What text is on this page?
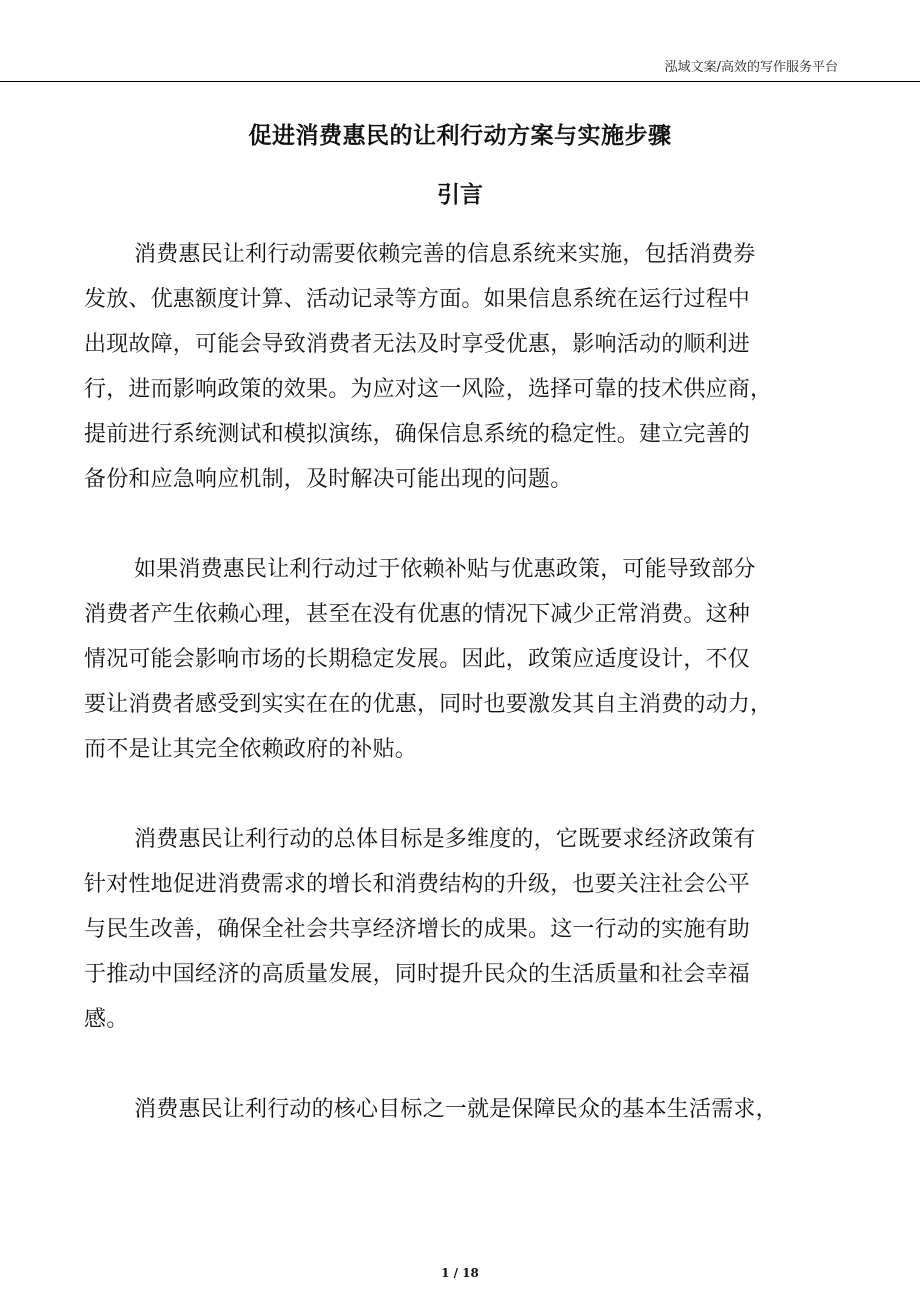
泓域文案/高效的写作服务平台
促进消费惠民的让利行动方案与实施步骤
引言
消费惠民让利行动需要依赖完善的信息系统来实施，包括消费券
发放、优惠额度计算、活动记录等方面。如果信息系统在运行过程中
出现故障，可能会导致消费者无法及时享受优惠，影响活动的顺利进
行，进而影响政策的效果。为应对这一风险，选择可靠的技术供应商，
提前进行系统测试和模拟演练，确保信息系统的稳定性。建立完善的
备份和应急响应机制，及时解决可能出现的问题。
如果消费惠民让利行动过于依赖补贴与优惠政策，可能导致部分
消费者产生依赖心理，甚至在没有优惠的情况下减少正常消费。这种
情况可能会影响市场的长期稳定发展。因此，政策应适度设计，不仅
要让消费者感受到实实在在的优惠，同时也要激发其自主消费的动力，
而不是让其完全依赖政府的补贴。
消费惠民让利行动的总体目标是多维度的，它既要求经济政策有
针对性地促进消费需求的增长和消费结构的升级，也要关注社会公平
与民生改善，确保全社会共享经济增长的成果。这一行动的实施有助
于推动中国经济的高质量发展，同时提升民众的生活质量和社会幸福
感。
消费惠民让利行动的核心目标之一就是保障民众的基本生活需求，
1 / 18
